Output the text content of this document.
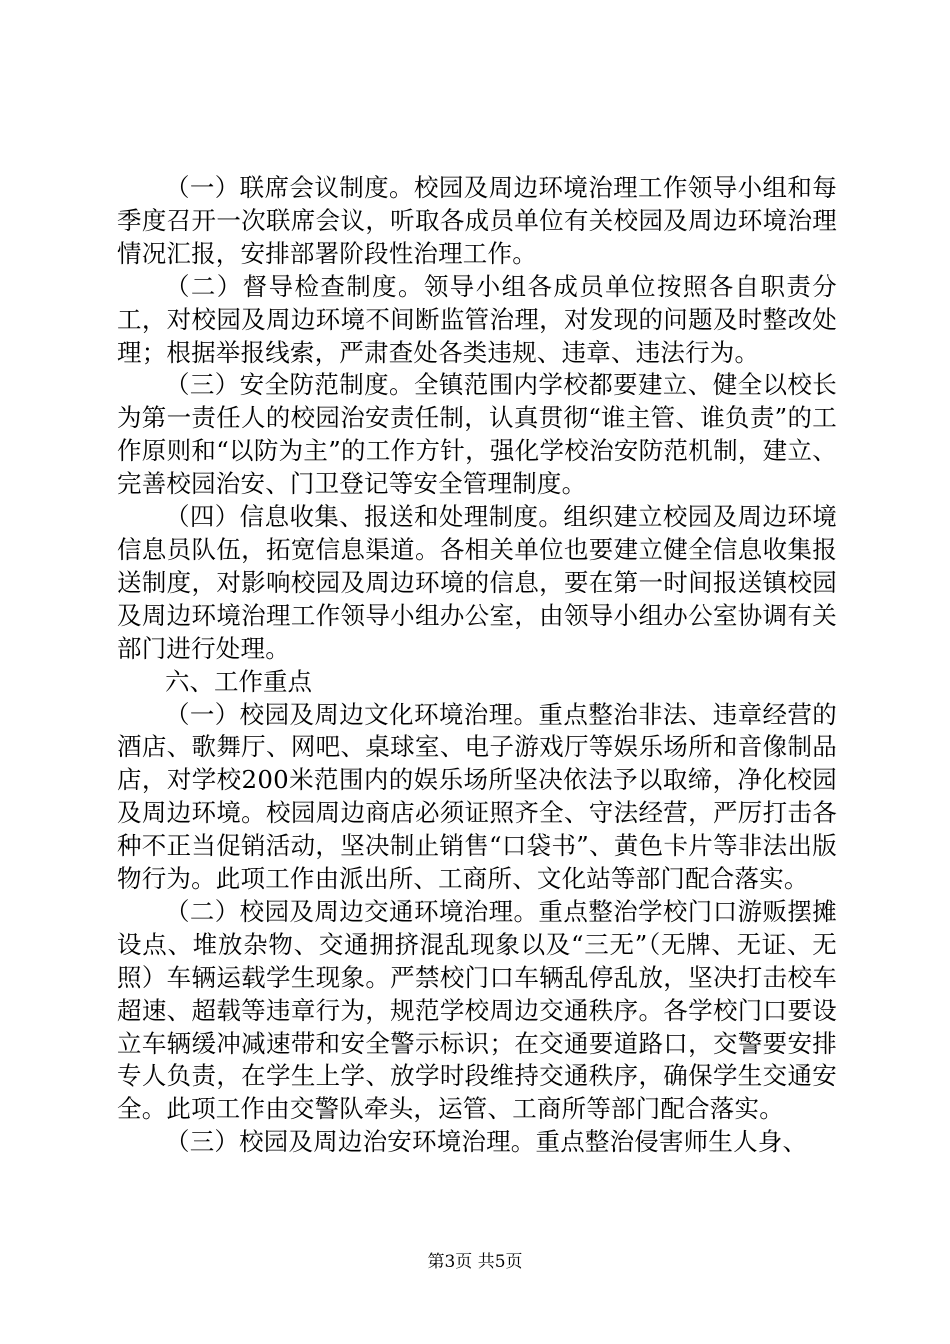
（一）联席会议制度。校园及周边环境治理工作领导小组和每季度召开一次联席会议，听取各成员单位有关校园及周边环境治理情况汇报，安排部署阶段性治理工作。

（二）督导检查制度。领导小组各成员单位按照各自职责分工，对校园及周边环境不间断监管治理，对发现的问题及时整改处理；根据举报线索，严肃查处各类违规、违章、违法行为。

（三）安全防范制度。全镇范围内学校都要建立、健全以校长为第一责任人的校园治安责任制，认真贯彻“谁主管、谁负责”的工作原则和“以防为主”的工作方针，强化学校治安防范机制，建立、完善校园治安、门卫登记等安全管理制度。

（四）信息收集、报送和处理制度。组织建立校园及周边环境信息员队伍，拓宽信息渠道。各相关单位也要建立健全信息收集报送制度，对影响校园及周边环境的信息，要在第一时间报送镇校园及周边环境治理工作领导小组办公室，由领导小组办公室协调有关部门进行处理。

六、工作重点

（一）校园及周边文化环境治理。重点整治非法、违章经营的酒店、歌舞厅、网吧、桌球室、电子游戏厅等娱乐场所和音像制品店，对学校200米范围内的娱乐场所坚决依法予以取缔，净化校园及周边环境。校园周边商店必须证照齐全、守法经营，严厉打击各种不正当促销活动，坚决制止销售“口袋书”、黄色卡片等非法出版物行为。此项工作由派出所、工商所、文化站等部门配合落实。

（二）校园及周边交通环境治理。重点整治学校门口游贩摆摊设点、堆放杂物、交通拥挤混乱现象以及“三无”（无牌、无证、无照）车辆运载学生现象。严禁校门口车辆乱停乱放，坚决打击校车超速、超载等违章行为，规范学校周边交通秩序。各学校门口要设立车辆缓冲减速带和安全警示标识；在交通要道路口，交警要安排专人负责，在学生上学、放学时段维持交通秩序，确保学生交通安全。此项工作由交警队牵头，运管、工商所等部门配合落实。

（三）校园及周边治安环境治理。重点整治侵害师生人身、

第3页 共5页
